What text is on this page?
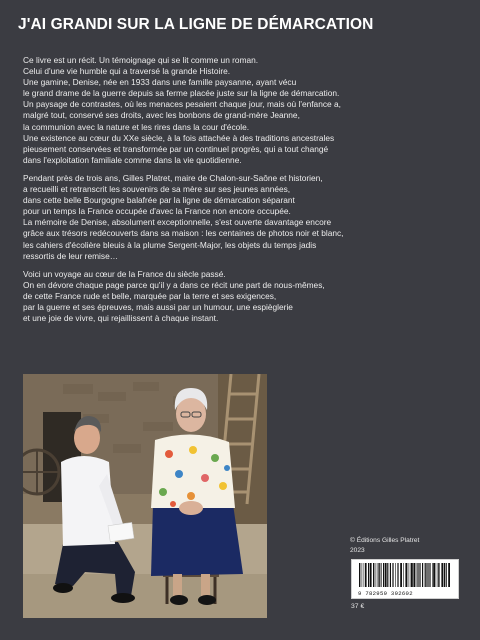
J'AI GRANDI SUR LA LIGNE DE DÉMARCATION

Ce livre est un récit. Un témoignage qui se lit comme un roman.
Celui d'une vie humble qui a traversé la grande Histoire.
Une gamine, Denise, née en 1933 dans une famille paysanne, ayant vécu
le grand drame de la guerre depuis sa ferme placée juste sur la ligne de démarcation.
Un paysage de contrastes, où les menaces pesaient chaque jour, mais où l'enfance a,
malgré tout, conservé ses droits, avec les bonbons de grand-mère Jeanne,
la communion avec la nature et les rires dans la cour d'école.
Une existence au cœur du XXe siècle, à la fois attachée à des traditions ancestrales
pieusement conservées et transformée par un continuel progrès, qui a tout changé
dans l'exploitation familiale comme dans la vie quotidienne.

Pendant près de trois ans, Gilles Platret, maire de Chalon-sur-Saône et historien,
a recueilli et retranscrit les souvenirs de sa mère sur ses jeunes années,
dans cette belle Bourgogne balafrée par la ligne de démarcation séparant
pour un temps la France occupée d'avec la France non encore occupée.
La mémoire de Denise, absolument exceptionnelle, s'est ouverte davantage encore
grâce aux trésors redécouverts dans sa maison : les centaines de photos noir et blanc,
les cahiers d'écolière bleuis à la plume Sergent-Major, les objets du temps jadis
ressortis de leur remise…

Voici un voyage au cœur de la France du siècle passé.
On en dévore chaque page parce qu'il y a dans ce récit une part de nous-mêmes,
de cette France rude et belle, marquée par la terre et ses exigences,
par la guerre et ses épreuves, mais aussi par un humour, une espièglerie
et une joie de vivre, qui rejaillissent à chaque instant.

© Éditions Gilles Platret
2023
9 782959 392602
37 €
